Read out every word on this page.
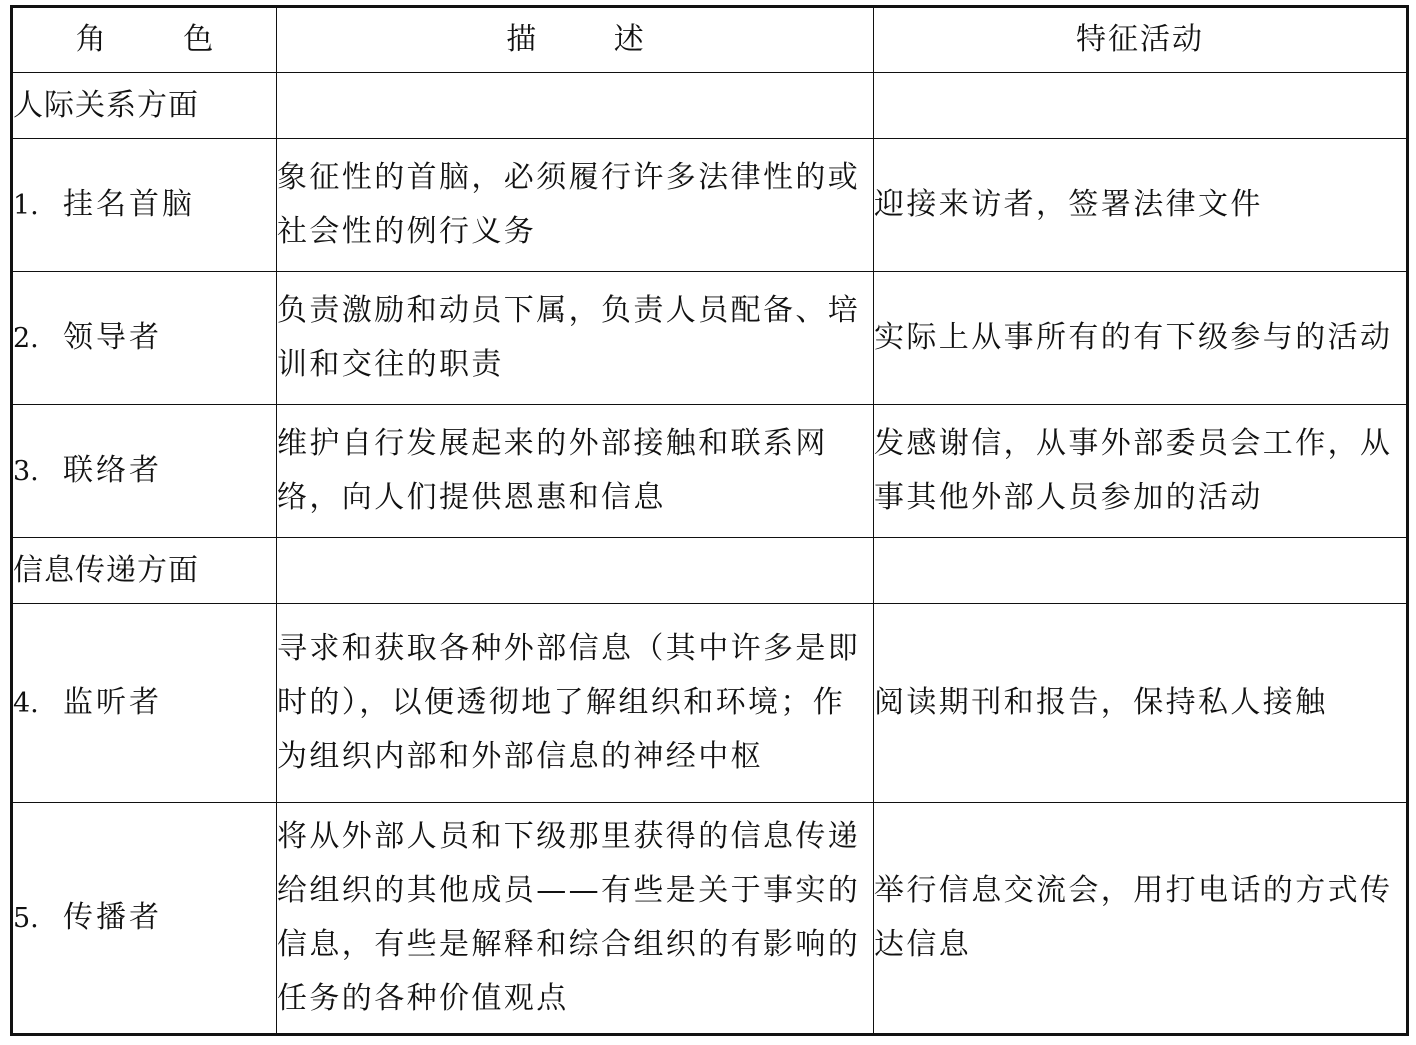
角 色	描 述	特征活动
人际关系方面		
1. 挂名首脑	象征性的首脑，必须履行许多法律性的或社会性的例行义务	迎接来访者，签署法律文件
2. 领导者	负责激励和动员下属，负责人员配备、培训和交往的职责	实际上从事所有的有下级参与的活动
3. 联络者	维护自行发展起来的外部接触和联系网络，向人们提供恩惠和信息	发感谢信，从事外部委员会工作，从事其他外部人员参加的活动
信息传递方面		
4. 监听者	寻求和获取各种外部信息（其中许多是即时的），以便透彻地了解组织和环境；作为组织内部和外部信息的神经中枢	阅读期刊和报告，保持私人接触
5. 传播者	将从外部人员和下级那里获得的信息传递给组织的其他成员——有些是关于事实的信息，有些是解释和综合组织的有影响的任务的各种价值观点	举行信息交流会，用打电话的方式传达信息
